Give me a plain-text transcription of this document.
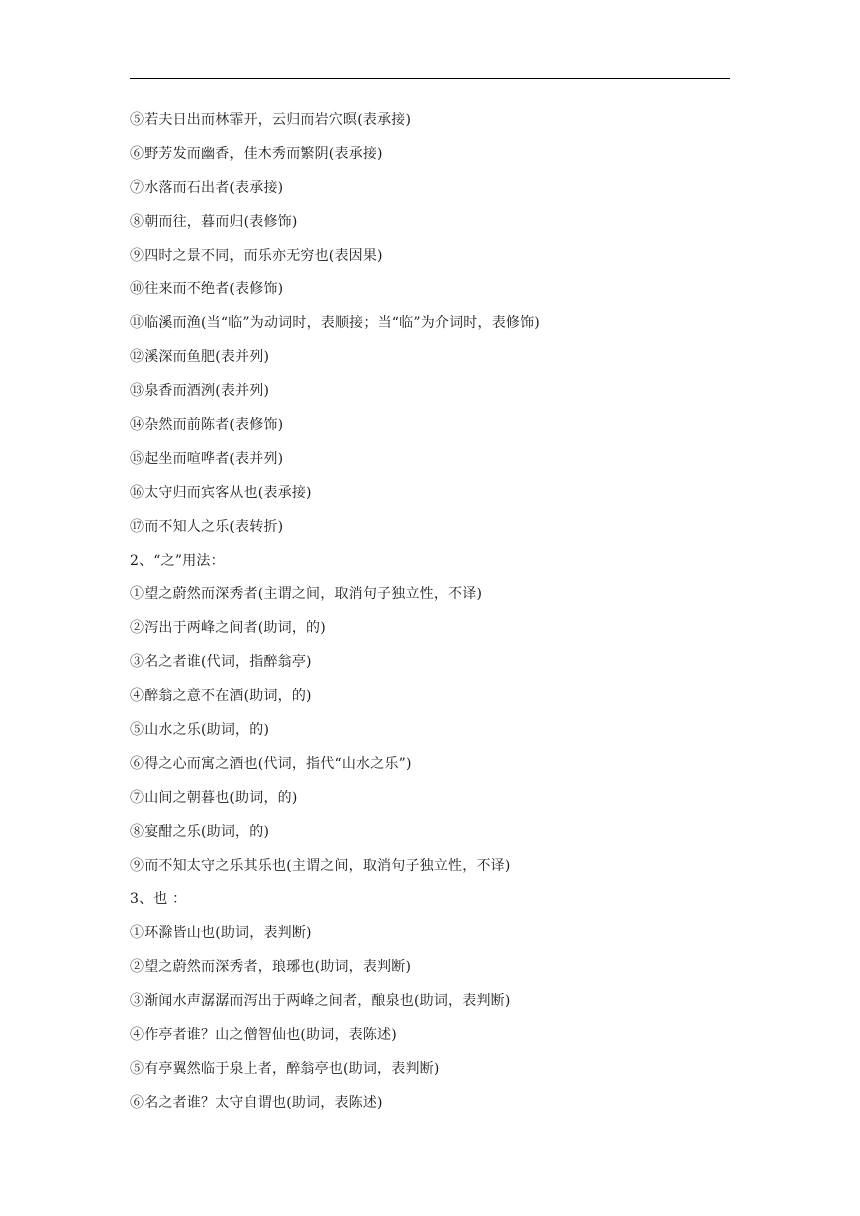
⑤若夫日出而林霏开，云归而岩穴暝(表承接)
⑥野芳发而幽香，佳木秀而繁阴(表承接)
⑦水落而石出者(表承接)
⑧朝而往，暮而归(表修饰)
⑨四时之景不同，而乐亦无穷也(表因果)
⑩往来而不绝者(表修饰)
⑪临溪而渔(当“临”为动词时，表顺接；当“临”为介词时，表修饰)
⑫溪深而鱼肥(表并列)
⑬泉香而酒洌(表并列)
⑭杂然而前陈者(表修饰)
⑮起坐而喧哗者(表并列)
⑯太守归而宾客从也(表承接)
⑰而不知人之乐(表转折)
2、“之”用法：
①望之蔚然而深秀者(主谓之间，取消句子独立性，不译)
②泻出于两峰之间者(助词，的)
③名之者谁(代词，指醉翁亭)
④醉翁之意不在酒(助词，的)
⑤山水之乐(助词，的)
⑥得之心而寓之酒也(代词，指代“山水之乐”)
⑦山间之朝暮也(助词，的)
⑧宴酣之乐(助词，的)
⑨而不知太守之乐其乐也(主谓之间，取消句子独立性，不译)
3、也 ：
①环滁皆山也(助词，表判断)
②望之蔚然而深秀者，琅琊也(助词，表判断)
③渐闻水声潺潺而泻出于两峰之间者，酿泉也(助词，表判断)
④作亭者谁？山之僧智仙也(助词，表陈述)
⑤有亭翼然临于泉上者，醉翁亭也(助词，表判断)
⑥名之者谁？太守自谓也(助词，表陈述)
